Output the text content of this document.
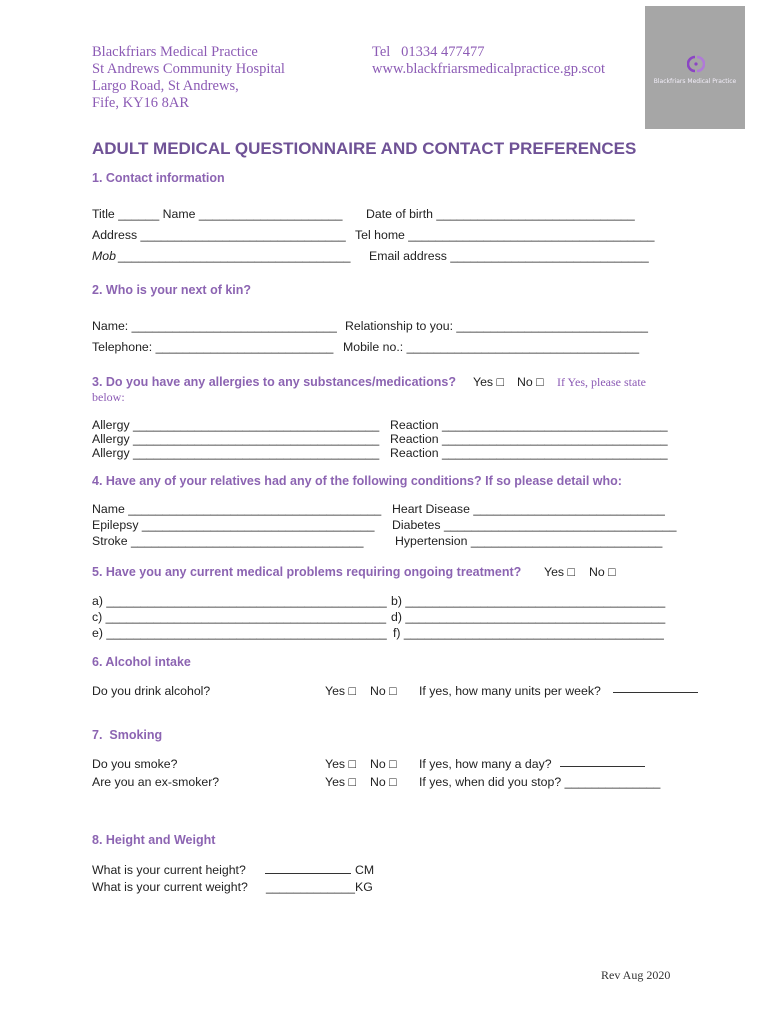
Blackfriars Medical Practice
St Andrews Community Hospital
Largo Road, St Andrews,
Fife, KY16 8AR
Tel   01334 477477
www.blackfriarsmedicalpractice.gp.scot
Blackfriars Medical Practice
ADULT MEDICAL QUESTIONNAIRE AND CONTACT PREFERENCES
1. Contact information
Title ______ Name _____________________ Date of birth _____________________________
Address ______________________________ Tel home ____________________________________
Mob __________________________________ Email address _____________________________
2. Who is your next of kin?
Name: ______________________________ Relationship to you: ____________________________
Telephone: __________________________ Mobile no.: __________________________________
3. Do you have any allergies to any substances/medications? Yes □ No □ If Yes, please state
below:
Allergy ____________________________________
Allergy ____________________________________
Allergy ____________________________________
Reaction _________________________________
Reaction _________________________________
Reaction _________________________________
4. Have any of your relatives had any of the following conditions? If so please detail who:
Name _____________________________________
Epilepsy __________________________________
Stroke __________________________________
Heart Disease ____________________________
Diabetes __________________________________
Hypertension ____________________________
5. Have you any current medical problems requiring ongoing treatment? Yes □ No □
a) _________________________________________
c) _________________________________________
e) _________________________________________
b) ______________________________________
d) ______________________________________
f) ______________________________________
6. Alcohol intake
Do you drink alcohol?	Yes □ No □ If yes, how many units per week?
7.  Smoking
Do you smoke?
Are you an ex-smoker?
Yes □ No □
Yes □ No □
If yes, how many a day?
If yes, when did you stop? ______________
8. Height and Weight
What is your current height?
What is your current weight?
CM
_____________ KG
Rev Aug 2020
